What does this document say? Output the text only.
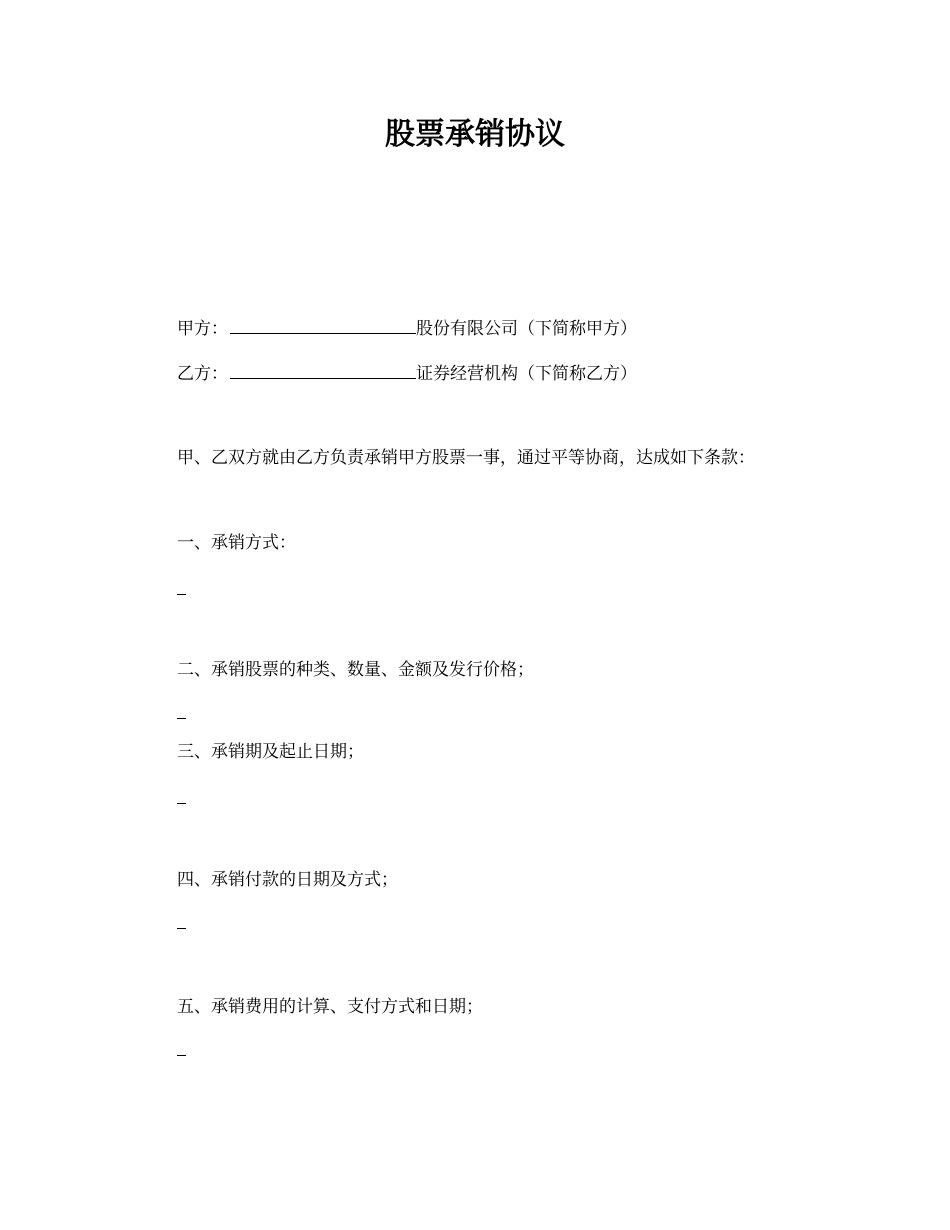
股票承销协议
甲方：	股份有限公司（下简称甲方）
乙方：	证券经营机构（下简称乙方）
甲、乙双方就由乙方负责承销甲方股票一事，通过平等协商，达成如下条款：
一、承销方式：
二、承销股票的种类、数量、金额及发行价格；
三、承销期及起止日期；
四、承销付款的日期及方式；
五、承销费用的计算、支付方式和日期；
